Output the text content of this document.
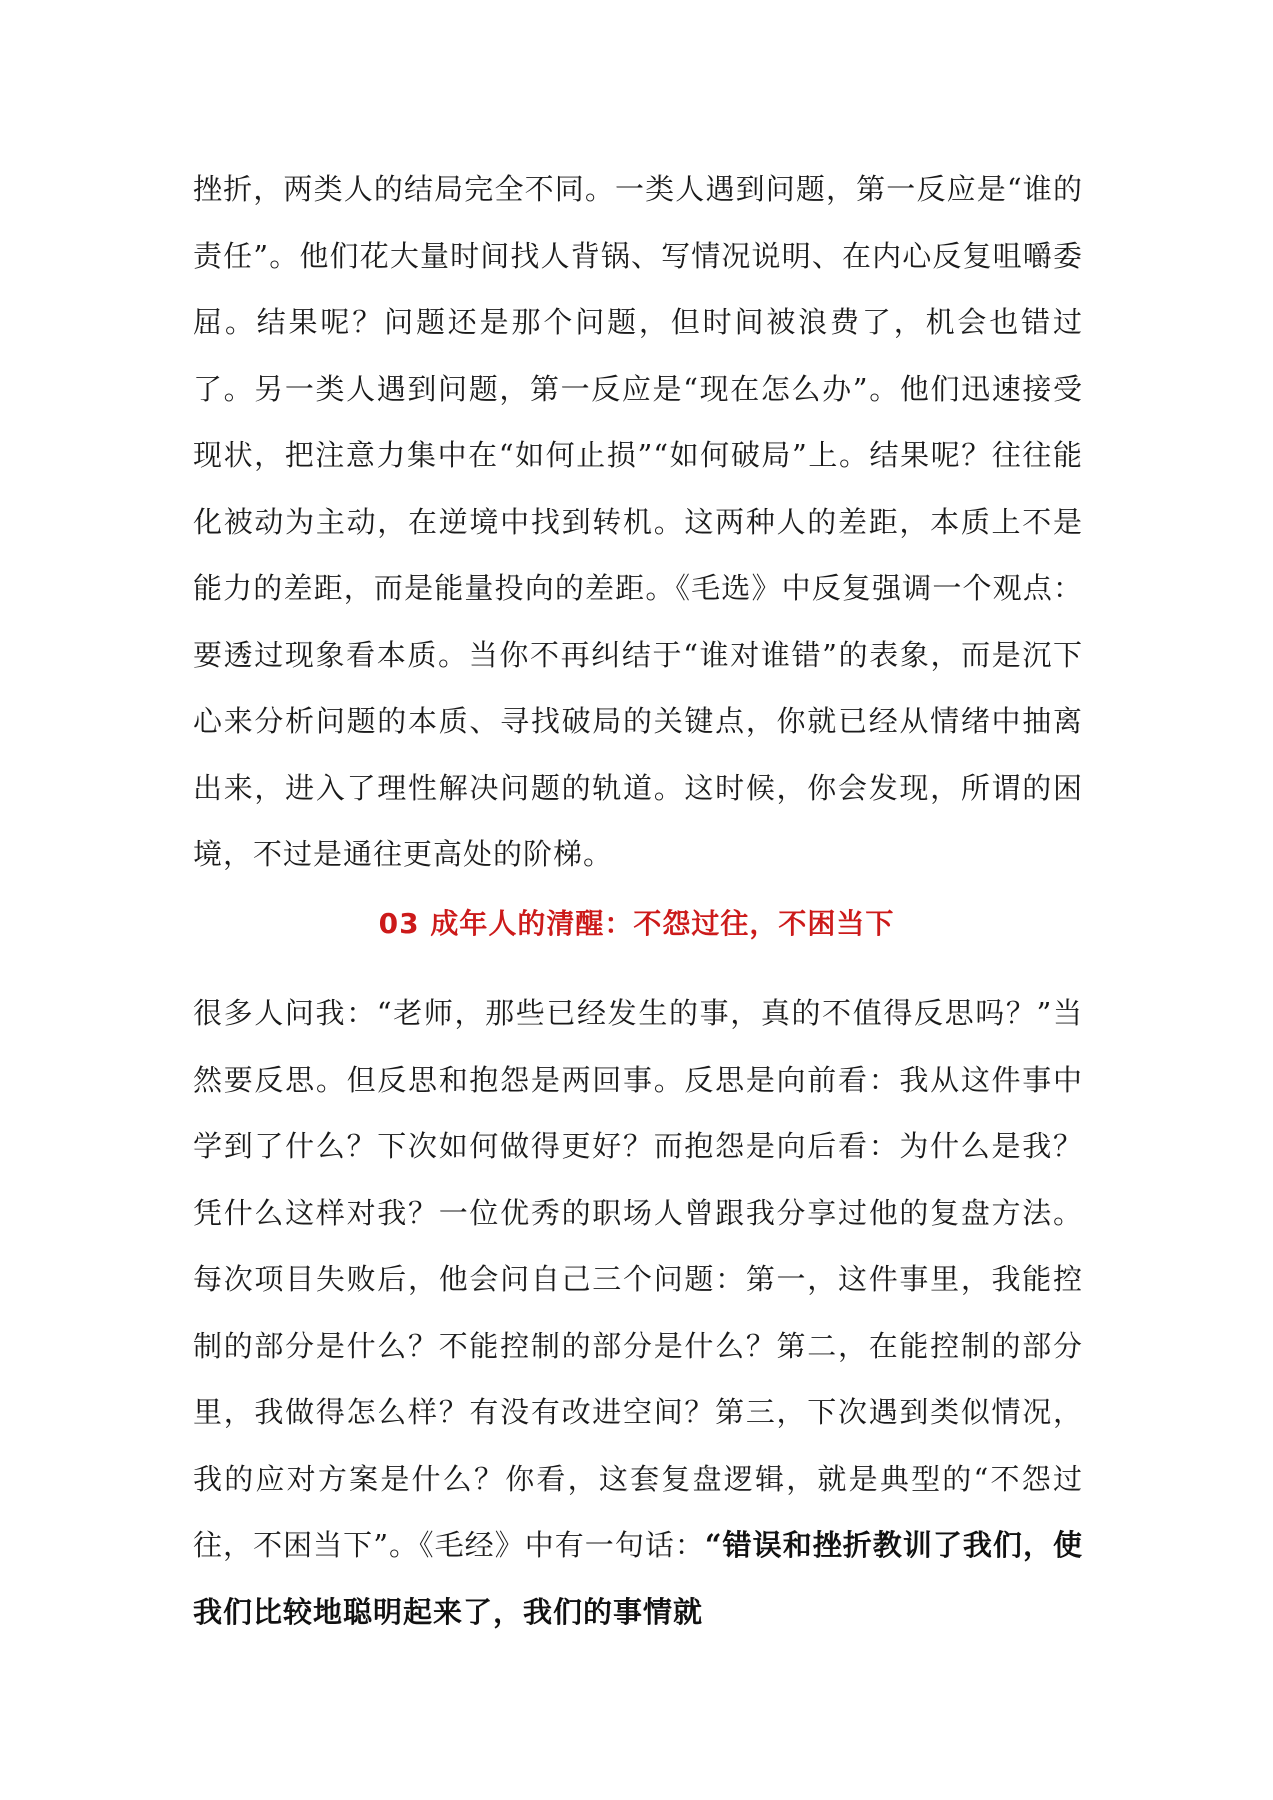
挫折，两类人的结局完全不同。一类人遇到问题，第一反应是“谁的责任”。他们花大量时间找人背锅、写情况说明、在内心反复咀嚼委屈。结果呢？问题还是那个问题，但时间被浪费了，机会也错过了。另一类人遇到问题，第一反应是“现在怎么办”。他们迅速接受现状，把注意力集中在“如何止损”“如何破局”上。结果呢？往往能化被动为主动，在逆境中找到转机。这两种人的差距，本质上不是能力的差距，而是能量投向的差距。《毛选》中反复强调一个观点：要透过现象看本质。当你不再纠结于“谁对谁错”的表象，而是沉下心来分析问题的本质、寻找破局的关键点，你就已经从情绪中抽离出来，进入了理性解决问题的轨道。这时候，你会发现，所谓的困境，不过是通往更高处的阶梯。

03 成年人的清醒：不怨过往，不困当下

很多人问我：“老师，那些已经发生的事，真的不值得反思吗？”当然要反思。但反思和抱怨是两回事。反思是向前看：我从这件事中学到了什么？下次如何做得更好？而抱怨是向后看：为什么是我？凭什么这样对我？一位优秀的职场人曾跟我分享过他的复盘方法。每次项目失败后，他会问自己三个问题：第一，这件事里，我能控制的部分是什么？不能控制的部分是什么？第二，在能控制的部分里，我做得怎么样？有没有改进空间？第三，下次遇到类似情况，我的应对方案是什么？你看，这套复盘逻辑，就是典型的“不怨过往，不困当下”。《毛经》中有一句话：“错误和挫折教训了我们，使我们比较地聪明起来了，我们的事情就
